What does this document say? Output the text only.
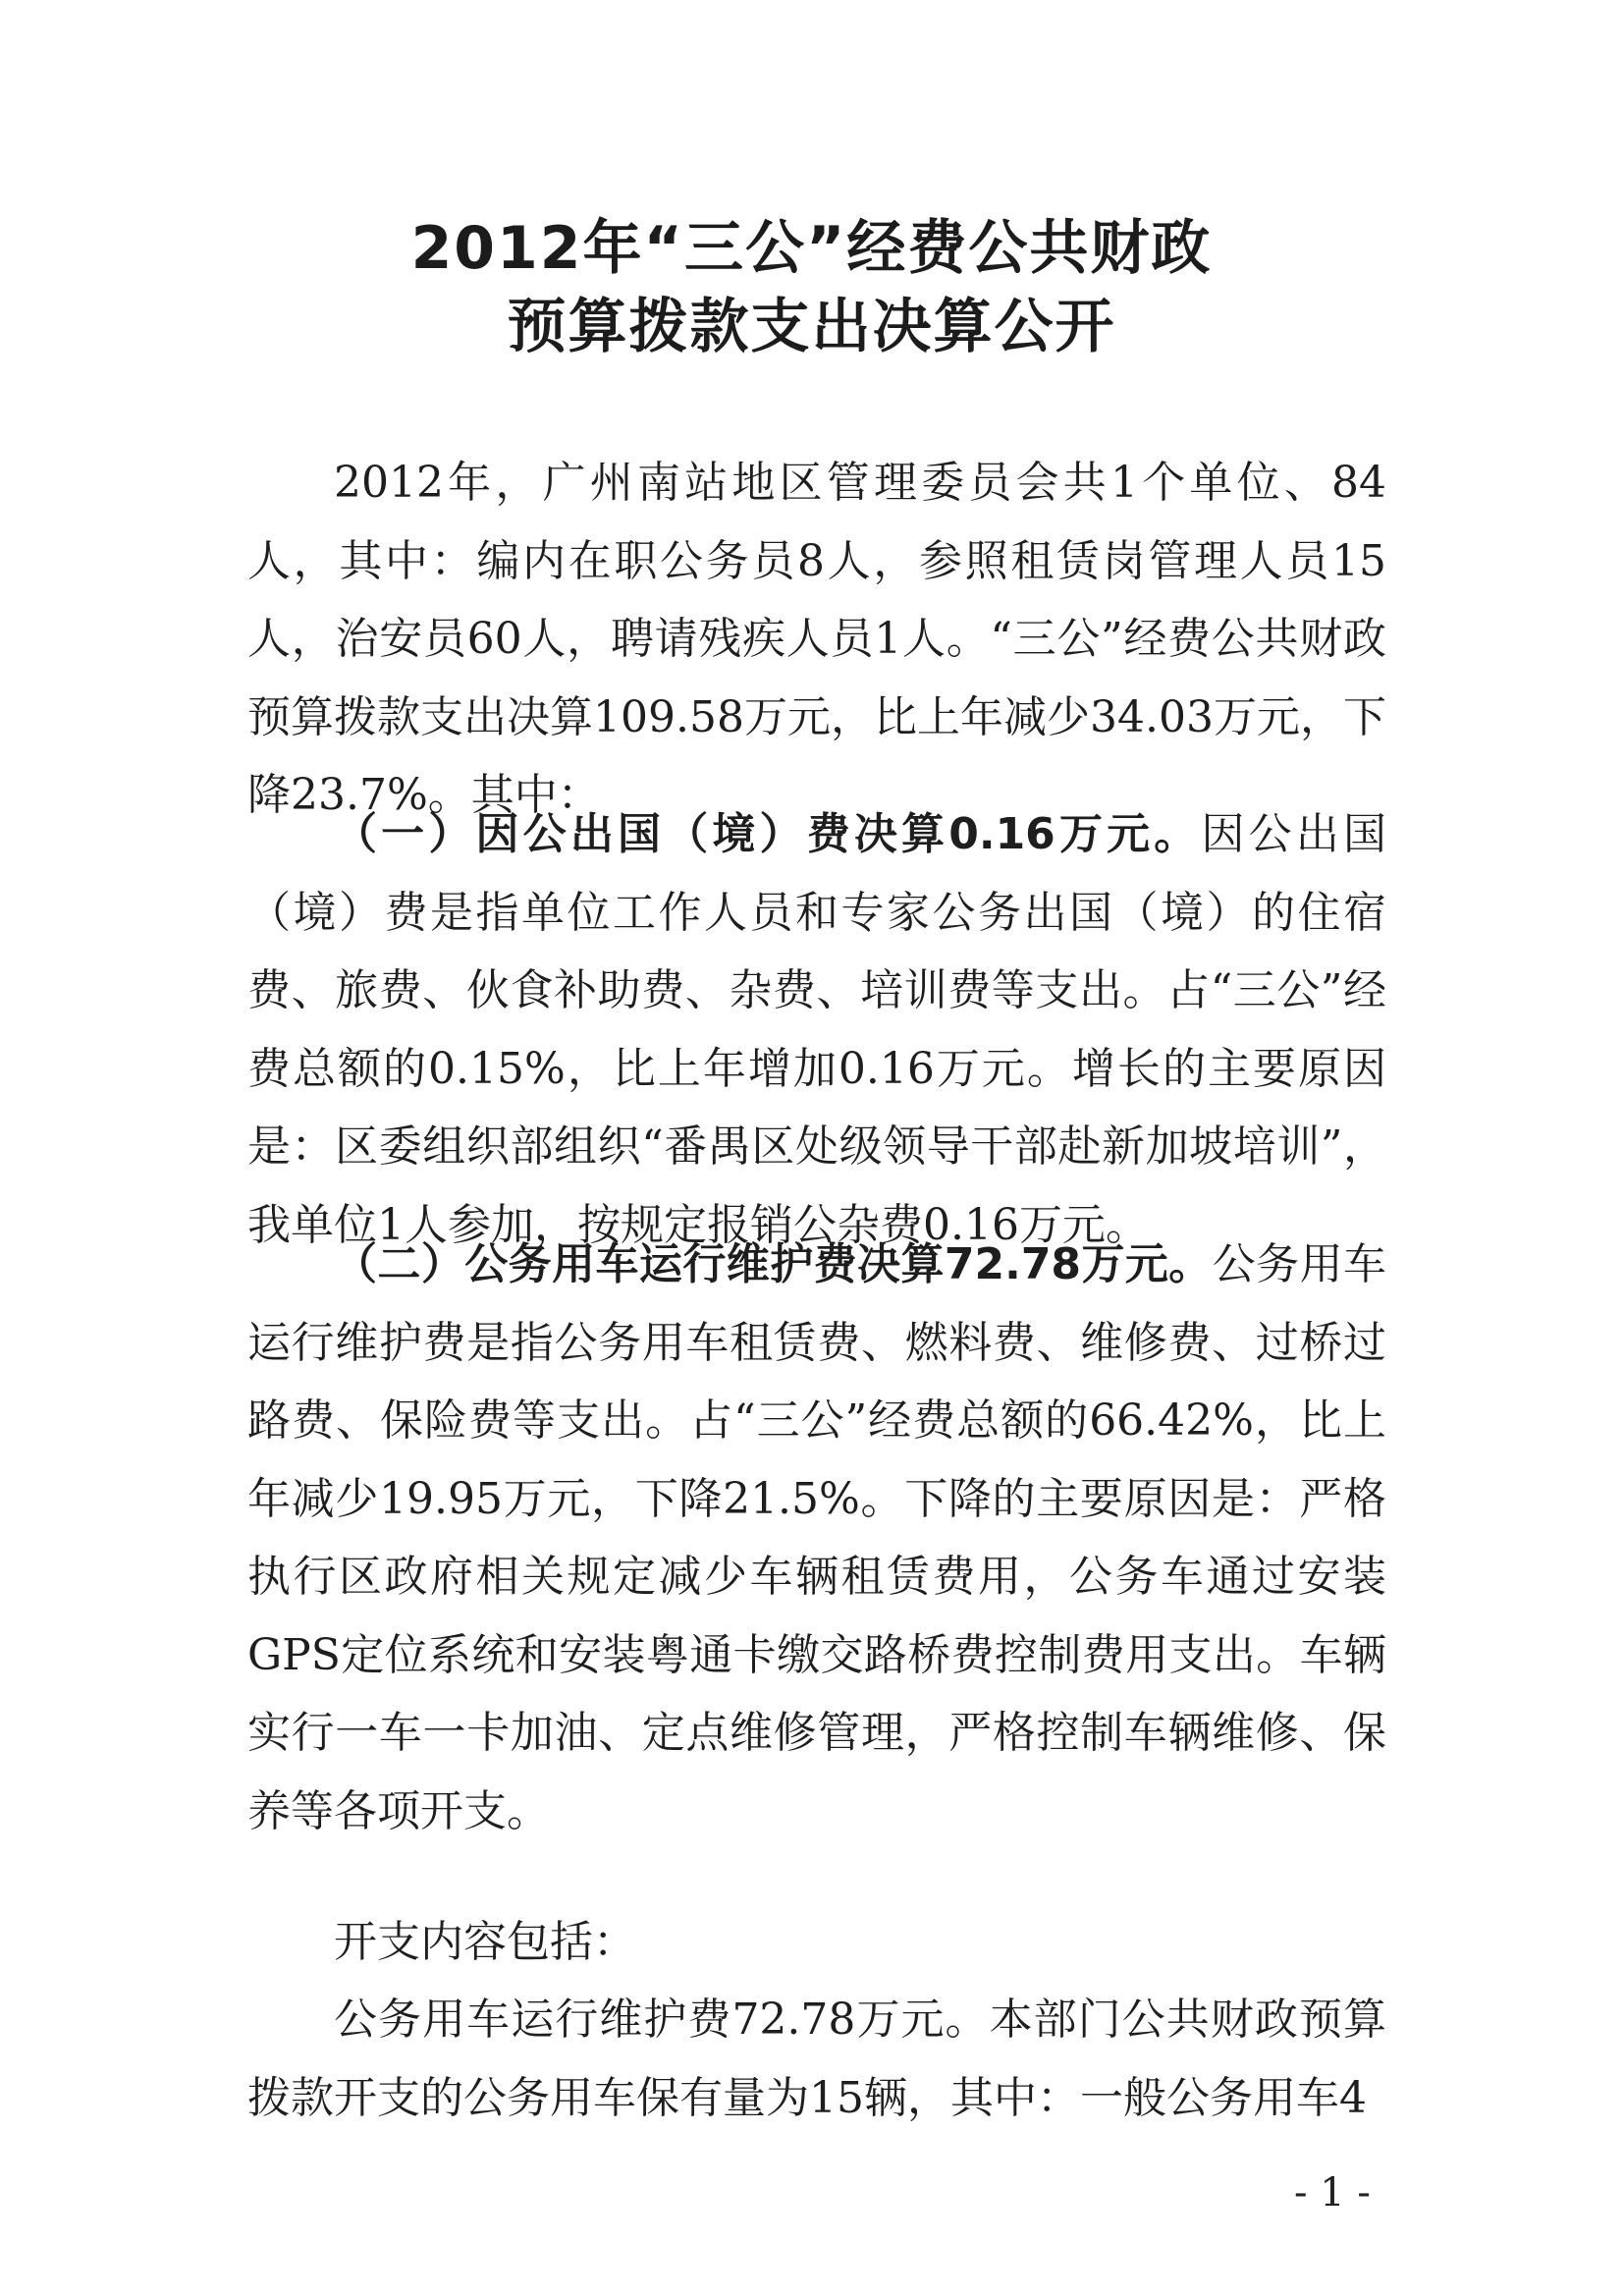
2012年“三公”经费公共财政
预算拨款支出决算公开

2012年，广州南站地区管理委员会共1个单位、84人，其中：编内在职公务员8人，参照租赁岗管理人员15人，治安员60人，聘请残疾人员1人。“三公”经费公共财政预算拨款支出决算109.58万元，比上年减少34.03万元，下降23.7%。其中：

（一）因公出国（境）费决算0.16万元。因公出国（境）费是指单位工作人员和专家公务出国（境）的住宿费、旅费、伙食补助费、杂费、培训费等支出。占“三公”经费总额的0.15%，比上年增加0.16万元。增长的主要原因是：区委组织部组织“番禺区处级领导干部赴新加坡培训”，我单位1人参加，按规定报销公杂费0.16万元。

（二）公务用车运行维护费决算72.78万元。公务用车运行维护费是指公务用车租赁费、燃料费、维修费、过桥过路费、保险费等支出。占“三公”经费总额的66.42%，比上年减少19.95万元，下降21.5%。下降的主要原因是：严格执行区政府相关规定减少车辆租赁费用，公务车通过安装GPS定位系统和安装粤通卡缴交路桥费控制费用支出。车辆实行一车一卡加油、定点维修管理，严格控制车辆维修、保养等各项开支。

开支内容包括：

公务用车运行维护费72.78万元。本部门公共财政预算拨款开支的公务用车保有量为15辆，其中：一般公务用车4

- 1 -
